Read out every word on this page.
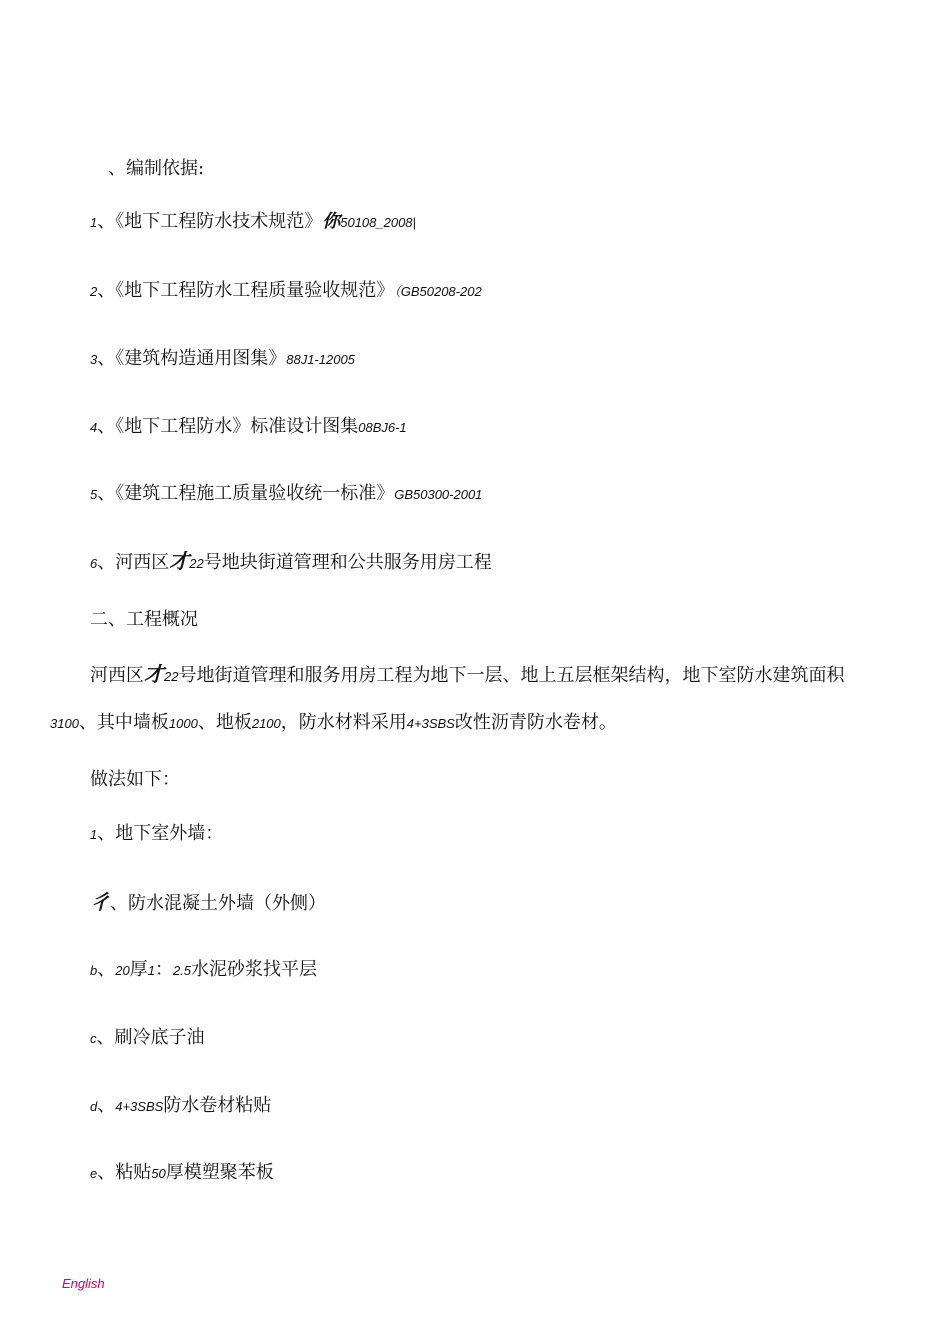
、编制依据:
1、《地下工程防水技术规范》你50108_2008|
2、《地下工程防水工程质量验收规范》（GB50208-202
3、《建筑构造通用图集》88J1-12005
4、《地下工程防水》标准设计图集08BJ6-1
5、《建筑工程施工质量验收统一标准》GB50300-2001
6、河西区才22号地块街道管理和公共服务用房工程
二、工程概况
河西区才22号地街道管理和服务用房工程为地下一层、地上五层框架结构，地下室防水建筑面积
3100、其中墙板1000、地板2100，防水材料采用4+3SBS改性沥青防水卷材。
做法如下：
1、地下室外墙：
彳、防水混凝土外墙（外侧）
b、20厚1：2.5水泥砂浆找平层
c、刷冷底子油
d、4+3SBS防水卷材粘贴
e、粘贴50厚模塑聚苯板
English
